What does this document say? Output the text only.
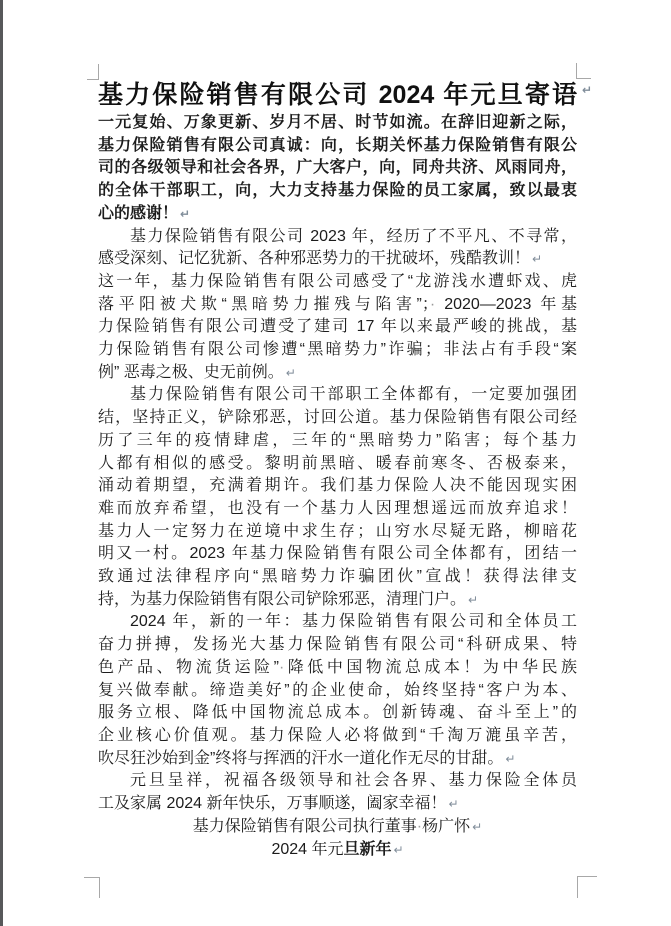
基力保险销售有限公司 2024 年元旦寄语 ↵
一元复始、万象更新、岁月不居、时节如流。在辞旧迎新之际，
基力保险销售有限公司真诚：向，长期关怀基力保险销售有限公
司的各级领导和社会各界，广大客户，向，同舟共济、风雨同舟，
的全体干部职工，向，大力支持基力保险的员工家属，致以最衷
心的感谢！ ↵
基力保险销售有限公司 2023 年，经历了不平凡、不寻常，
感受深刻、记忆犹新、各种邪恶势力的干扰破坏，残酷教训！ ↵
这一年，基力保险销售有限公司感受了“龙游浅水遭虾戏、虎
落平阳被犬欺“黑暗势力摧残与陷害”；· 2020—2023 年基
力保险销售有限公司遭受了建司 17 年以来最严峻的挑战，基
力保险销售有限公司惨遭“黑暗势力”诈骗；非法占有手段“案
例” 恶毒之极、史无前例。 ↵
基力保险销售有限公司干部职工全体都有，一定要加强团
结，坚持正义，铲除邪恶，讨回公道。基力保险销售有限公司经
历了三年的疫情肆虐，三年的“黑暗势力”陷害；每个基力
人都有相似的感受。黎明前黑暗、暖春前寒冬、否极泰来，
涌动着期望，充满着期许。我们基力保险人决不能因现实困
难而放弃希望，也没有一个基力人因理想遥远而放弃追求！
基力人一定努力在逆境中求生存；山穷水尽疑无路，柳暗花
明又一村。2023 年基力保险销售有限公司全体都有，团结一
致通过法律程序向“黑暗势力诈骗团伙”宣战！获得法律支
持，为基力保险销售有限公司铲除邪恶，清理门户。 ↵
2024 年，新的一年：基力保险销售有限公司和全体员工
奋力拼搏，发扬光大基力保险销售有限公司“科研成果、特
色产品、物流货运险”·降低中国物流总成本！为中华民族
复兴做奉献。缔造美好”的企业使命，始终坚持“客户为本、
服务立根、降低中国物流总成本。创新铸魂、奋斗至上”的
企业核心价值观。基力保险人必将做到“千淘万漉虽辛苦，
吹尽狂沙始到金”终将与挥洒的汗水一道化作无尽的甘甜。 ↵
元旦呈祥，祝福各级领导和社会各界、基力保险全体员
工及家属 2024 新年快乐，万事顺遂，阖家幸福！ ↵
基力保险销售有限公司执行董事·杨广怀 ↵
2024 年元旦新年 ↵
